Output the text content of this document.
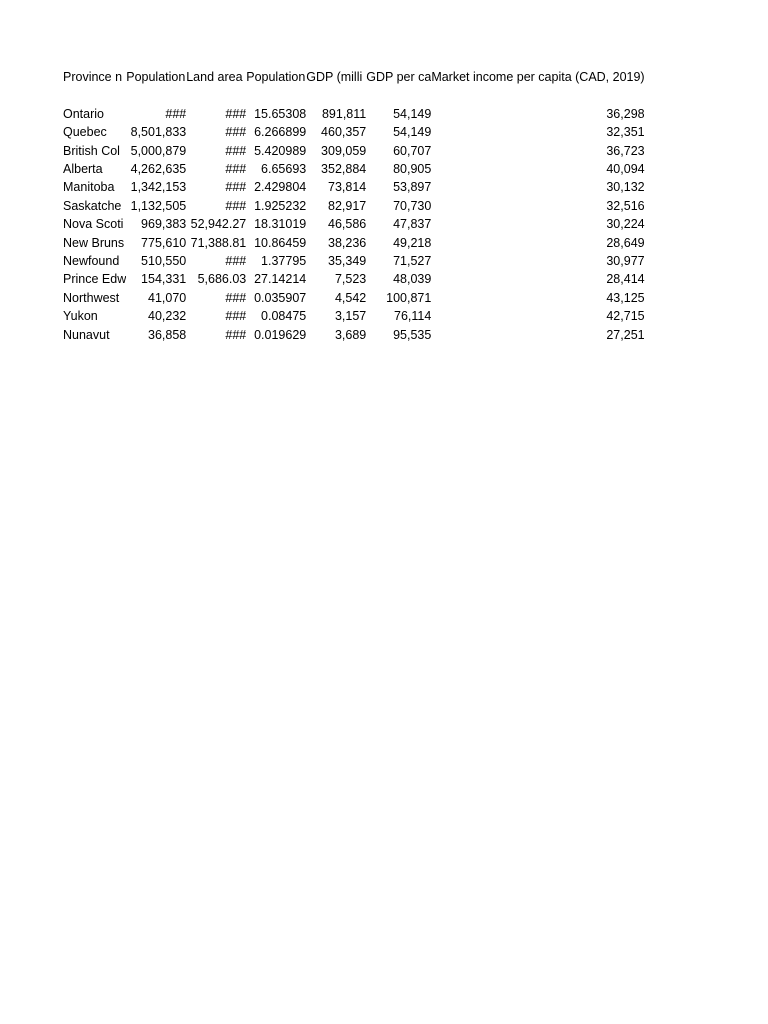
Province n	Population	Land area	Population	GDP (milli	GDP per ca	Market income per capita (CAD, 2019)

Ontario	###	###	15.65308	891,811	54,149	36,298
Quebec	8,501,833	###	6.266899	460,357	54,149	32,351
British Col	5,000,879	###	5.420989	309,059	60,707	36,723
Alberta	4,262,635	###	6.65693	352,884	80,905	40,094
Manitoba	1,342,153	###	2.429804	73,814	53,897	30,132
Saskatche	1,132,505	###	1.925232	82,917	70,730	32,516
Nova Scoti	969,383	52,942.27	18.31019	46,586	47,837	30,224
New Bruns	775,610	71,388.81	10.86459	38,236	49,218	28,649
Newfound	510,550	###	1.37795	35,349	71,527	30,977
Prince Edw	154,331	5,686.03	27.14214	7,523	48,039	28,414
Northwest	41,070	###	0.035907	4,542	100,871	43,125
Yukon	40,232	###	0.08475	3,157	76,114	42,715
Nunavut	36,858	###	0.019629	3,689	95,535	27,251
